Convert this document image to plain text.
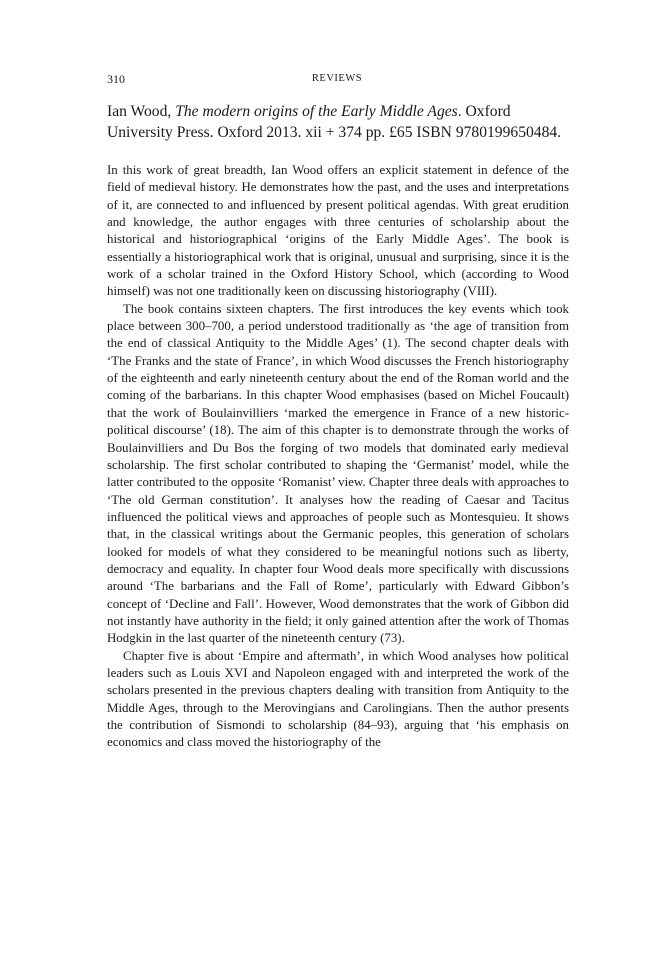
310	REVIEWS
Ian Wood, The modern origins of the Early Middle Ages. Oxford University Press. Oxford 2013. xii + 374 pp. £65 ISBN 9780199650484.

In this work of great breadth, Ian Wood offers an explicit statement in defence of the field of medieval history. He demonstrates how the past, and the uses and interpretations of it, are connected to and influenced by present political agendas. With great erudition and knowledge, the author engages with three centuries of scholarship about the historical and historiographical ‘origins of the Early Middle Ages’. The book is essentially a historiographical work that is original, unusual and surprising, since it is the work of a scholar trained in the Oxford History School, which (according to Wood himself) was not one traditionally keen on discussing historiography (VIII).

The book contains sixteen chapters. The first introduces the key events which took place between 300–700, a period understood traditionally as ‘the age of transition from the end of classical Antiquity to the Middle Ages’ (1). The second chapter deals with ‘The Franks and the state of France’, in which Wood discusses the French historiography of the eighteenth and early nineteenth century about the end of the Roman world and the coming of the barbarians. In this chapter Wood emphasises (based on Michel Foucault) that the work of Boulainvilliers ‘marked the emergence in France of a new historic-political discourse’ (18). The aim of this chapter is to demonstrate through the works of Boulainvilliers and Du Bos the forging of two models that dominated early medieval scholarship. The first scholar contributed to shaping the ‘Germanist’ model, while the latter contributed to the opposite ‘Romanist’ view. Chapter three deals with approaches to ‘The old German constitution’. It analyses how the reading of Caesar and Tacitus influenced the political views and approaches of people such as Montesquieu. It shows that, in the classical writings about the Germanic peoples, this generation of scholars looked for models of what they considered to be meaningful notions such as liberty, democracy and equality. In chapter four Wood deals more specifically with discussions around ‘The barbarians and the Fall of Rome’, particularly with Edward Gibbon’s concept of ‘Decline and Fall’. However, Wood demonstrates that the work of Gibbon did not instantly have authority in the field; it only gained attention after the work of Thomas Hodgkin in the last quarter of the nineteenth century (73).

Chapter five is about ‘Empire and aftermath’, in which Wood analyses how political leaders such as Louis XVI and Napoleon engaged with and interpreted the work of the scholars presented in the previous chapters dealing with transition from Antiquity to the Middle Ages, through to the Merovingians and Carolingians. Then the author presents the contribution of Sismondi to scholarship (84–93), arguing that ‘his emphasis on economics and class moved the historiography of the
